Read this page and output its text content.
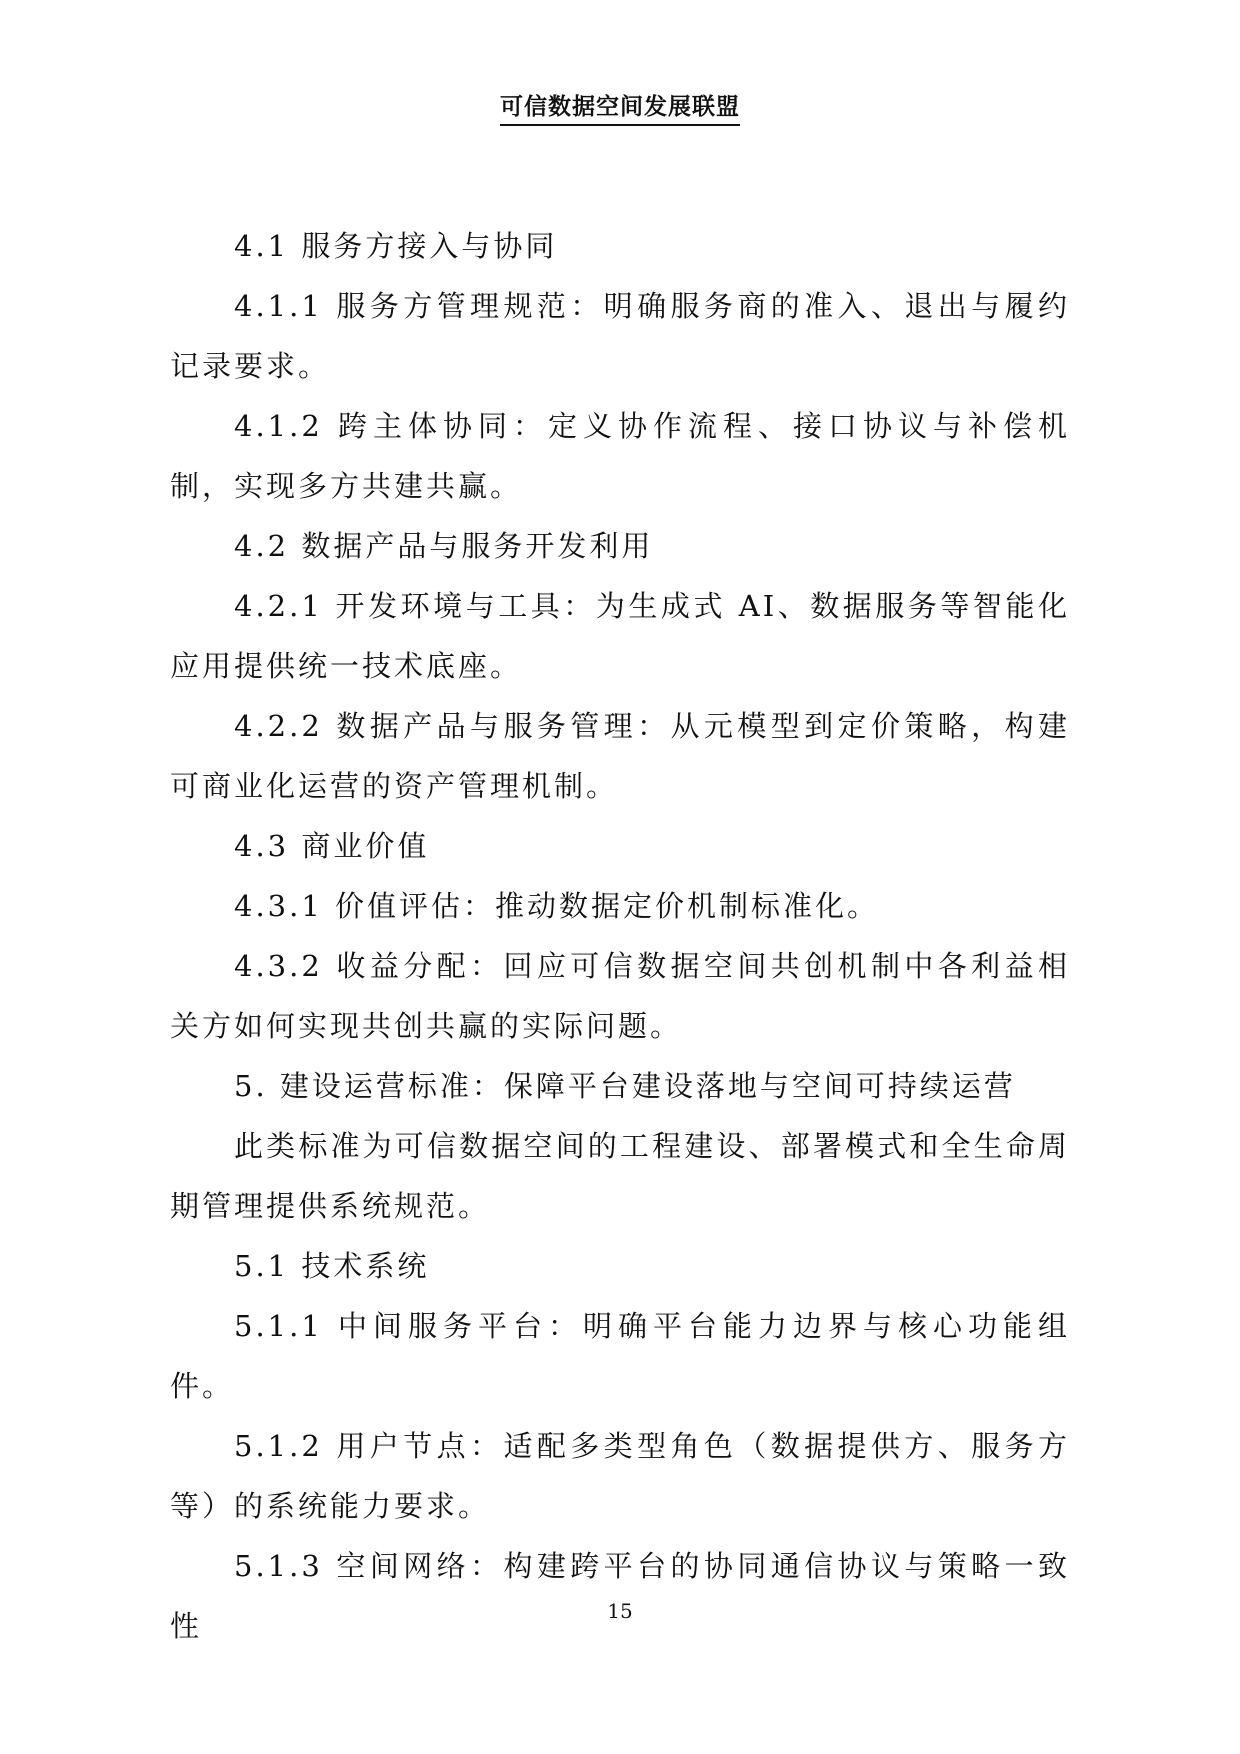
可信数据空间发展联盟

4.1 服务方接入与协同

4.1.1 服务方管理规范：明确服务商的准入、退出与履约记录要求。

4.1.2 跨主体协同：定义协作流程、接口协议与补偿机制，实现多方共建共赢。

4.2 数据产品与服务开发利用

4.2.1 开发环境与工具：为生成式 AI、数据服务等智能化应用提供统一技术底座。

4.2.2 数据产品与服务管理：从元模型到定价策略，构建可商业化运营的资产管理机制。

4.3 商业价值

4.3.1 价值评估：推动数据定价机制标准化。

4.3.2 收益分配：回应可信数据空间共创机制中各利益相关方如何实现共创共赢的实际问题。

5. 建设运营标准：保障平台建设落地与空间可持续运营

此类标准为可信数据空间的工程建设、部署模式和全生命周期管理提供系统规范。

5.1 技术系统

5.1.1 中间服务平台：明确平台能力边界与核心功能组件。

5.1.2 用户节点：适配多类型角色（数据提供方、服务方等）的系统能力要求。

5.1.3 空间网络：构建跨平台的协同通信协议与策略一致性	15
